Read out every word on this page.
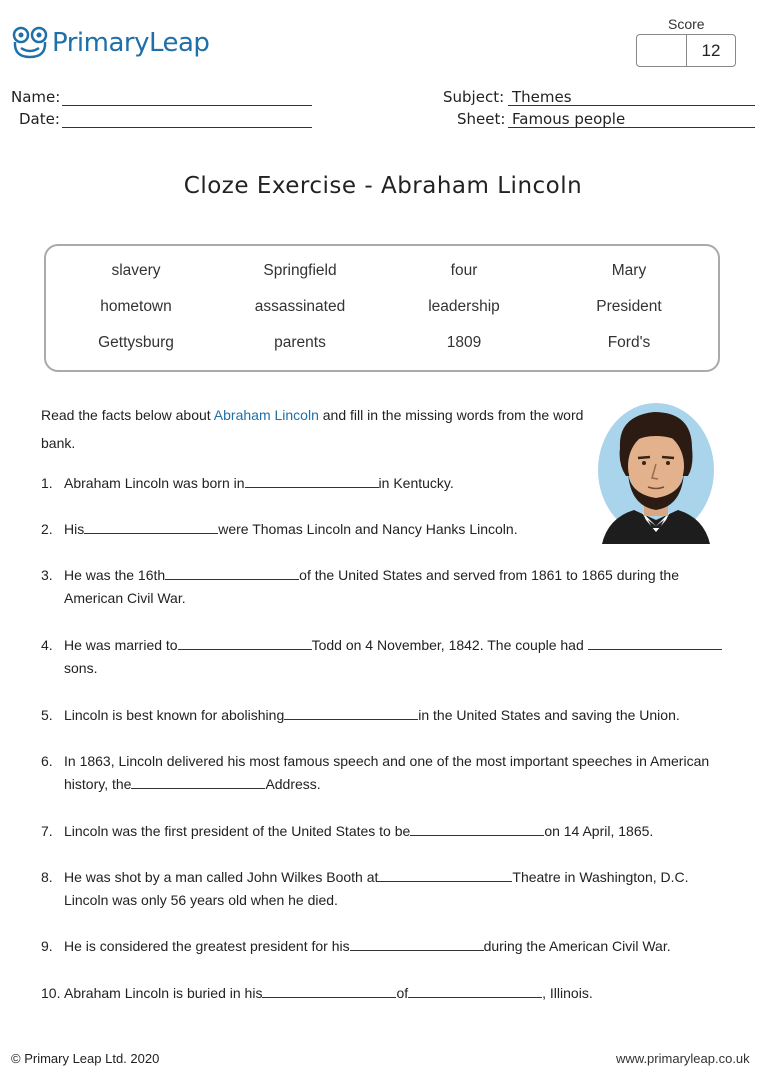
PrimaryLeap
Score
12
Name:
Date:
Subject: Themes
Sheet: Famous people
Cloze Exercise - Abraham Lincoln
slavery	Springfield	four	Mary
hometown	assassinated	leadership	President
Gettysburg	parents	1809	Ford's
Read the facts below about Abraham Lincoln and fill in the missing words from the word bank.
1. Abraham Lincoln was born in	in Kentucky.
2. His	were Thomas Lincoln and Nancy Hanks Lincoln.
3. He was the 16th	of the United States and served from 1861 to 1865 during the
American Civil War.
4. He was married to	Todd on 4 November, 1842. The couple had
sons.
5. Lincoln is best known for abolishing	in the United States and saving the Union.
6. In 1863, Lincoln delivered his most famous speech and one of the most important speeches in American
history, the	Address.
7. Lincoln was the first president of the United States to be	on 14 April, 1865.
8. He was shot by a man called John Wilkes Booth at	Theatre in Washington, D.C.
Lincoln was only 56 years old when he died.
9. He is considered the greatest president for his	during the American Civil War.
10. Abraham Lincoln is buried in his	of	, Illinois.
© Primary Leap Ltd. 2020	www.primaryleap.co.uk
